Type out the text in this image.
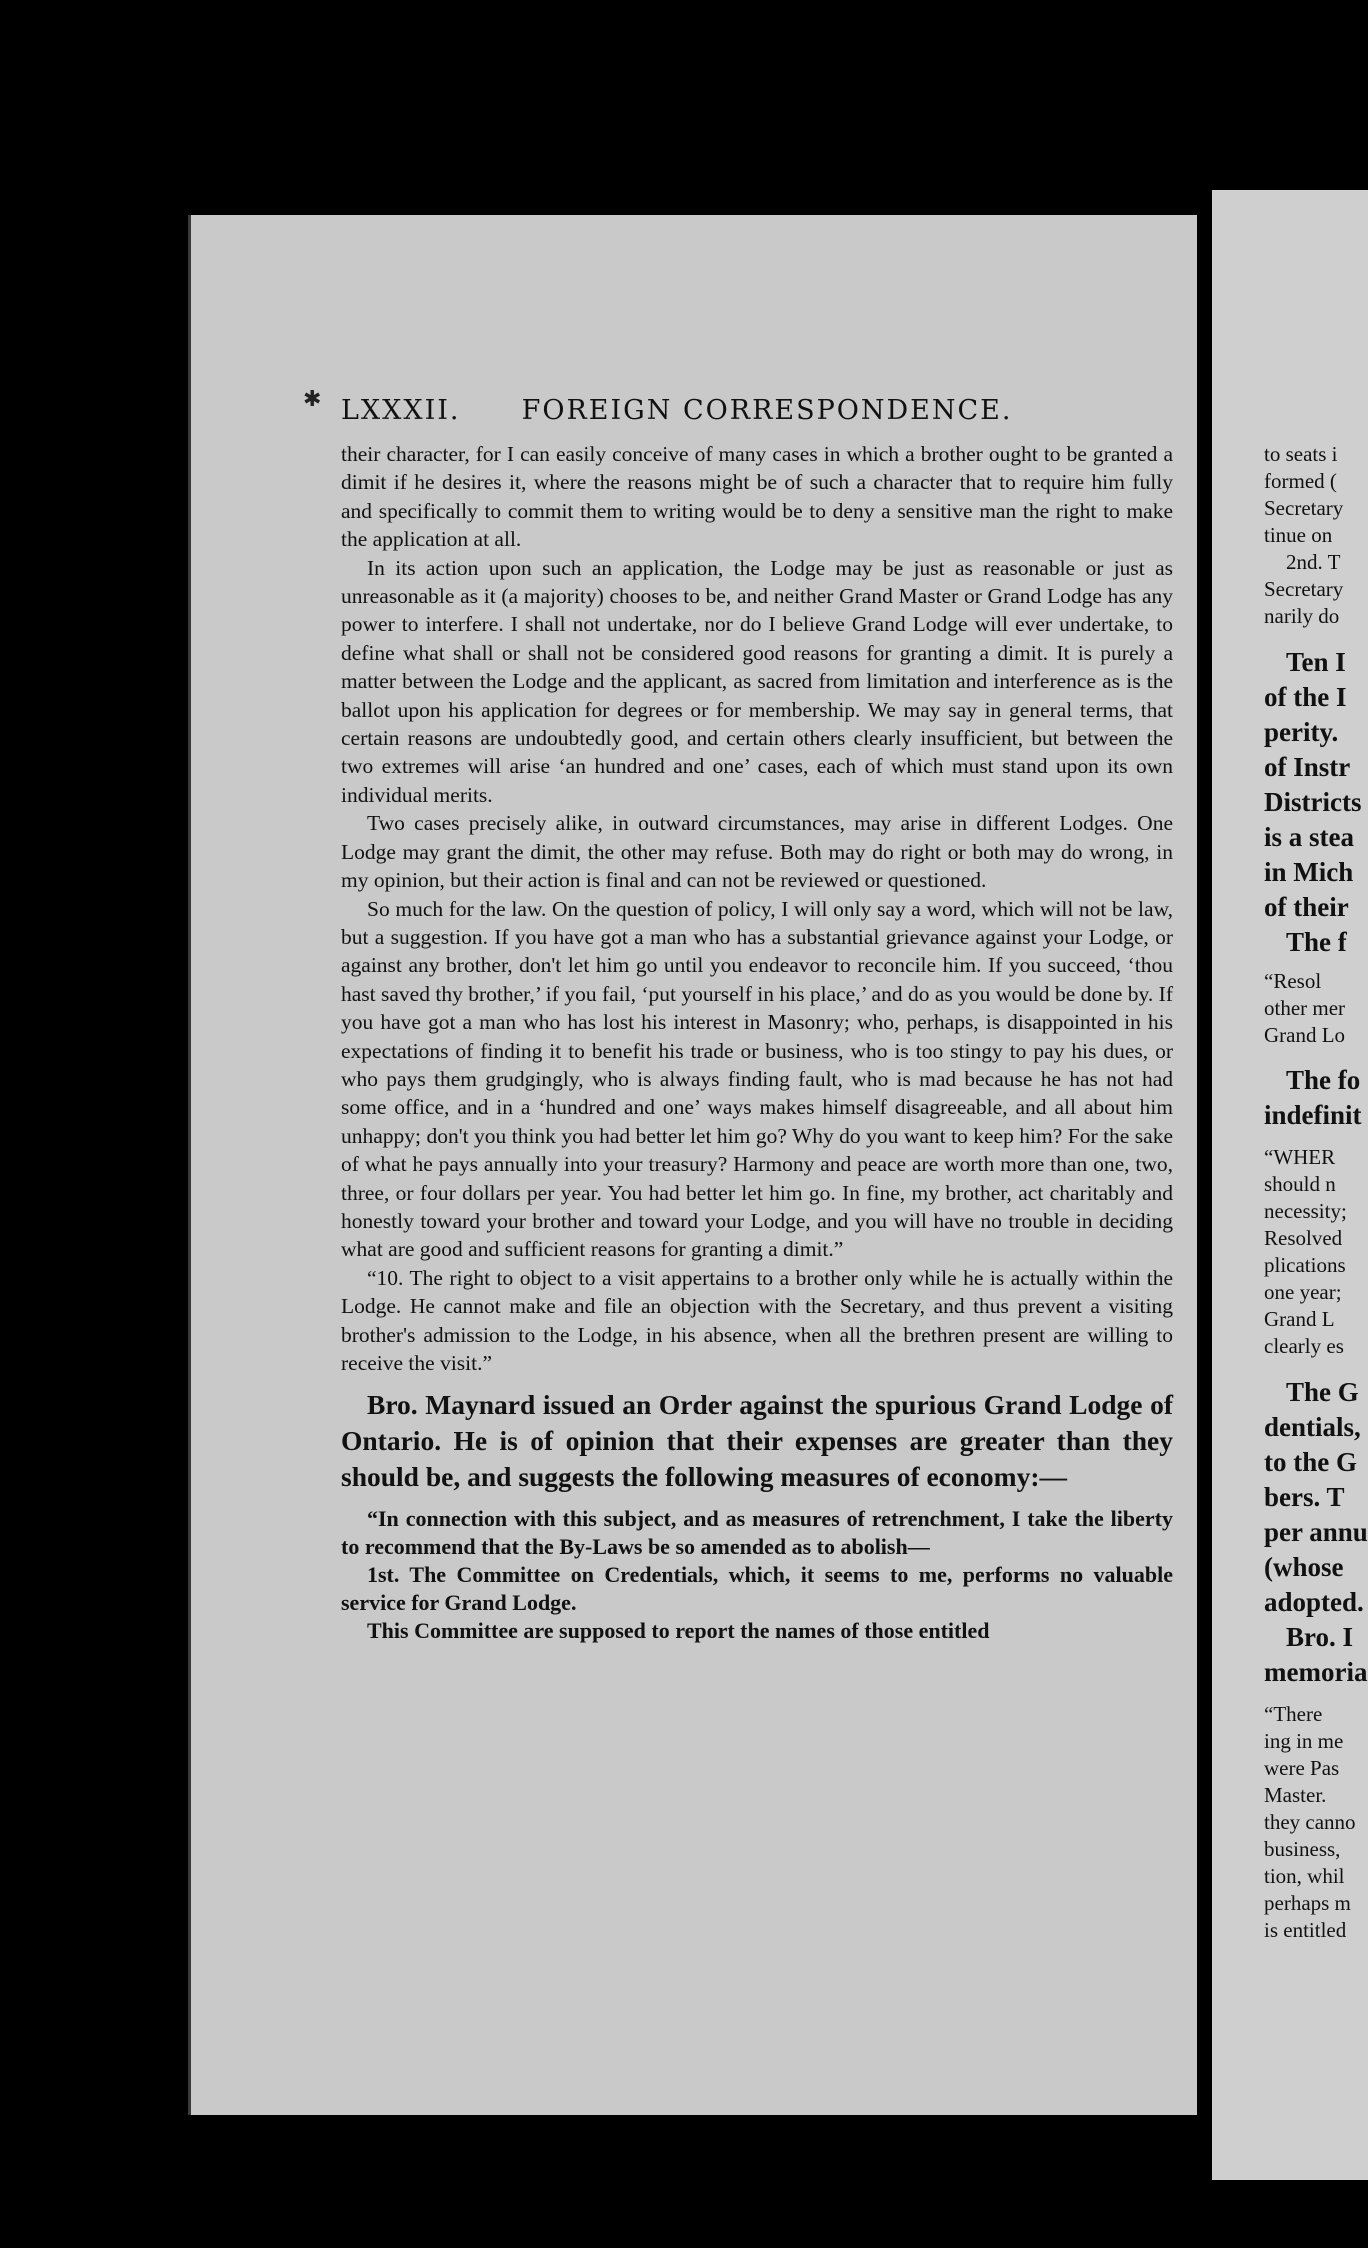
✱ LXXXII. FOREIGN CORRESPONDENCE.

their character, for I can easily conceive of many cases in which a brother ought to be granted a dimit if he desires it, where the reasons might be of such a character that to require him fully and specifically to commit them to writing would be to deny a sensitive man the right to make the application at all.

In its action upon such an application, the Lodge may be just as reasonable or just as unreasonable as it (a majority) chooses to be, and neither Grand Master or Grand Lodge has any power to interfere. I shall not undertake, nor do I believe Grand Lodge will ever undertake, to define what shall or shall not be considered good reasons for granting a dimit. It is purely a matter between the Lodge and the applicant, as sacred from limitation and interference as is the ballot upon his application for degrees or for membership. We may say in general terms, that certain reasons are undoubtedly good, and certain others clearly insufficient, but between the two extremes will arise ‘an hundred and one’ cases, each of which must stand upon its own individual merits.

Two cases precisely alike, in outward circumstances, may arise in different Lodges. One Lodge may grant the dimit, the other may refuse. Both may do right or both may do wrong, in my opinion, but their action is final and can not be reviewed or questioned.

So much for the law. On the question of policy, I will only say a word, which will not be law, but a suggestion. If you have got a man who has a substantial grievance against your Lodge, or against any brother, don't let him go until you endeavor to reconcile him. If you succeed, ‘thou hast saved thy brother,’ if you fail, ‘put yourself in his place,’ and do as you would be done by. If you have got a man who has lost his interest in Masonry; who, perhaps, is disappointed in his expectations of finding it to benefit his trade or business, who is too stingy to pay his dues, or who pays them grudgingly, who is always finding fault, who is mad because he has not had some office, and in a ‘hundred and one’ ways makes himself disagreeable, and all about him unhappy; don't you think you had better let him go? Why do you want to keep him? For the sake of what he pays annually into your treasury? Harmony and peace are worth more than one, two, three, or four dollars per year. You had better let him go. In fine, my brother, act charitably and honestly toward your brother and toward your Lodge, and you will have no trouble in deciding what are good and sufficient reasons for granting a dimit.”

“10. The right to object to a visit appertains to a brother only while he is actually within the Lodge. He cannot make and file an objection with the Secretary, and thus prevent a visiting brother's admission to the Lodge, in his absence, when all the brethren present are willing to receive the visit.”

Bro. Maynard issued an Order against the spurious Grand Lodge of Ontario. He is of opinion that their expenses are greater than they should be, and suggests the following measures of economy:—

“In connection with this subject, and as measures of retrenchment, I take the liberty to recommend that the By-Laws be so amended as to abolish—

1st. The Committee on Credentials, which, it seems to me, performs no valuable service for Grand Lodge.

This Committee are supposed to report the names of those entitled

to seats i
formed (
Secretary
tinue on
2nd. T
Secretary
narily do
Ten I
of the I
perity.
of Instr
Districts
is a stea
in Mich
of their
The f
“Resol
other mer
Grand Lo
The fo
indefinit
“WHER
should n
necessity;
Resolved
plications
one year;
Grand L
clearly es
The G
dentials,
to the G
bers. T
per annu
(whose
adopted.
Bro. I
memoria
“There
ing in me
were Pas
Master.
they canno
business,
tion, whil
perhaps m
is entitled
